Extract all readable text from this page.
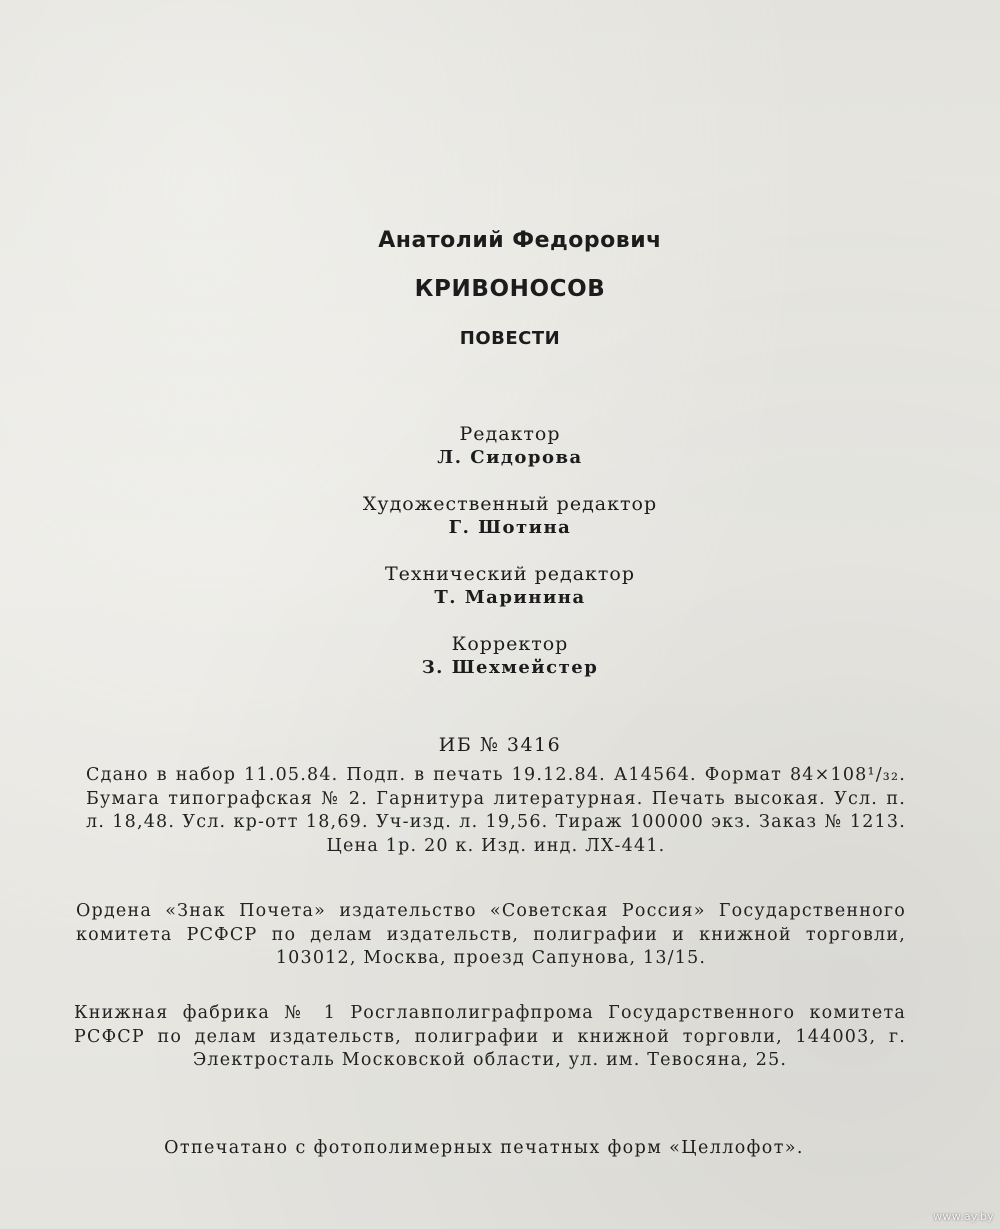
Анатолий Федорович
КРИВОНОСОВ
ПОВЕСТИ
Редактор
Л. Сидорова
Художественный редактор
Г. Шотина
Технический редактор
Т. Маринина
Корректор
З. Шехмейстер
ИБ № 3416
Сдано в набор 11.05.84. Подп. в печать 19.12.84. А14564. Формат 84×108¹/₃₂. Бумага типографская № 2. Гарнитура литературная. Печать высокая. Усл. п. л. 18,48. Усл. кр-отт 18,69. Уч-изд. л. 19,56. Тираж 100000 экз. Заказ № 1213. Цена 1р. 20 к. Изд. инд. ЛХ-441.
Ордена «Знак Почета» издательство «Советская Россия» Государственного комитета РСФСР по делам издательств, полиграфии и книжной торговли, 103012, Москва, проезд Сапунова, 13/15.
Книжная фабрика № 1 Росглавполиграфпрома Государственного комитета РСФСР по делам издательств, полиграфии и книжной торговли, 144003, г. Электросталь Московской области, ул. им. Тевосяна, 25.
Отпечатано с фотополимерных печатных форм «Целлофот».
www.ay.by
